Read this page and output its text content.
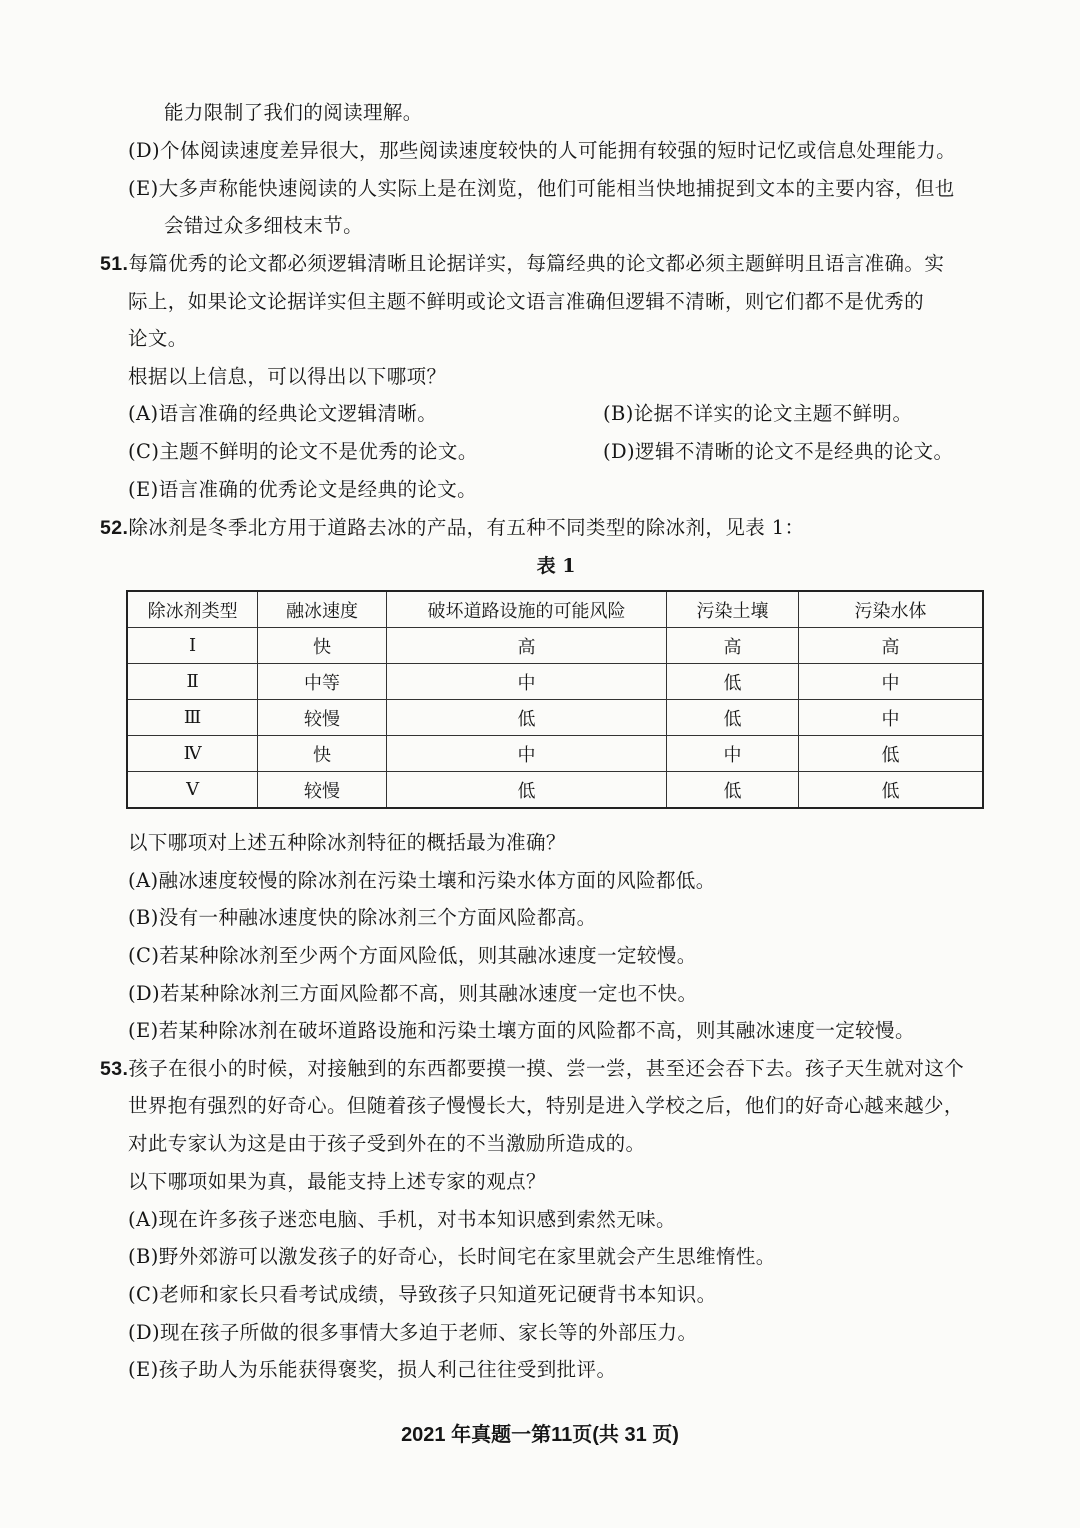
能力限制了我们的阅读理解。
(D)个体阅读速度差异很大，那些阅读速度较快的人可能拥有较强的短时记忆或信息处理能力。
(E)大多声称能快速阅读的人实际上是在浏览，他们可能相当快地捕捉到文本的主要内容，但也
会错过众多细枝末节。
51.每篇优秀的论文都必须逻辑清晰且论据详实，每篇经典的论文都必须主题鲜明且语言准确。实
际上，如果论文论据详实但主题不鲜明或论文语言准确但逻辑不清晰，则它们都不是优秀的
论文。
根据以上信息，可以得出以下哪项？
(A)语言准确的经典论文逻辑清晰。	(B)论据不详实的论文主题不鲜明。
(C)主题不鲜明的论文不是优秀的论文。	(D)逻辑不清晰的论文不是经典的论文。
(E)语言准确的优秀论文是经典的论文。
52.除冰剂是冬季北方用于道路去冰的产品，有五种不同类型的除冰剂，见表 1：
表 1
除冰剂类型	融冰速度	破坏道路设施的可能风险	污染土壤	污染水体
Ⅰ	快	高	高	高
Ⅱ	中等	中	低	中
Ⅲ	较慢	低	低	中
Ⅳ	快	中	中	低
Ⅴ	较慢	低	低	低
以下哪项对上述五种除冰剂特征的概括最为准确？
(A)融冰速度较慢的除冰剂在污染土壤和污染水体方面的风险都低。
(B)没有一种融冰速度快的除冰剂三个方面风险都高。
(C)若某种除冰剂至少两个方面风险低，则其融冰速度一定较慢。
(D)若某种除冰剂三方面风险都不高，则其融冰速度一定也不快。
(E)若某种除冰剂在破坏道路设施和污染土壤方面的风险都不高，则其融冰速度一定较慢。
53.孩子在很小的时候，对接触到的东西都要摸一摸、尝一尝，甚至还会吞下去。孩子天生就对这个
世界抱有强烈的好奇心。但随着孩子慢慢长大，特别是进入学校之后，他们的好奇心越来越少，
对此专家认为这是由于孩子受到外在的不当激励所造成的。
以下哪项如果为真，最能支持上述专家的观点？
(A)现在许多孩子迷恋电脑、手机，对书本知识感到索然无味。
(B)野外郊游可以激发孩子的好奇心，长时间宅在家里就会产生思维惰性。
(C)老师和家长只看考试成绩，导致孩子只知道死记硬背书本知识。
(D)现在孩子所做的很多事情大多迫于老师、家长等的外部压力。
(E)孩子助人为乐能获得褒奖，损人利己往往受到批评。
2021 年真题一第11页(共 31 页)
